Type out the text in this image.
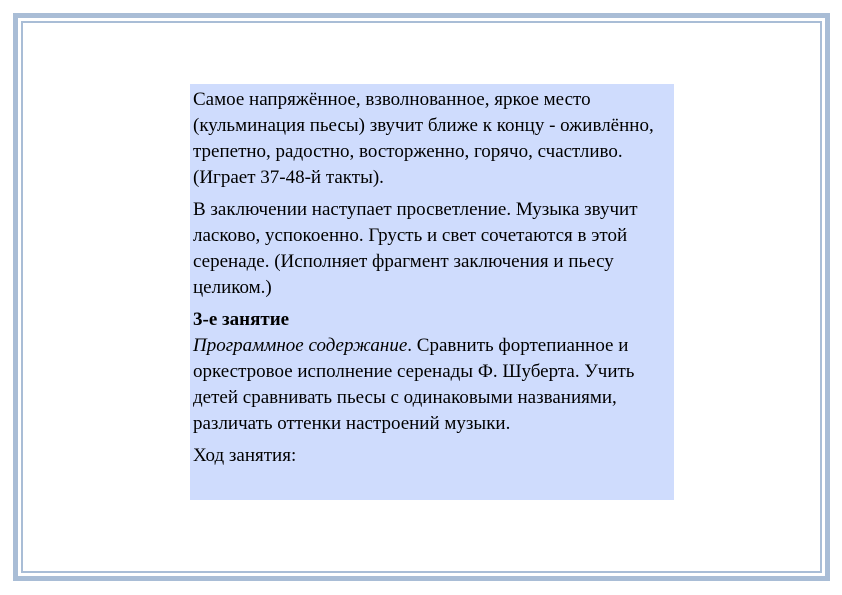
Самое напряжённое, взволнованное, яркое место (кульминация пьесы) звучит ближе к концу - оживлённо, трепетно, радостно, восторженно, горячо, счастливо. (Играет 37-48-й такты).

В заключении наступает просветление. Музыка звучит ласково, успокоенно. Грусть и свет сочетаются в этой серенаде. (Исполняет фрагмент заключения и пьесу целиком.)

3-е занятие

Программное содержание. Сравнить фортепианное и оркестровое исполнение серенады Ф. Шуберта. Учить детей сравнивать пьесы с одинаковыми названиями, различать оттенки настроений музыки.

Ход занятия:
